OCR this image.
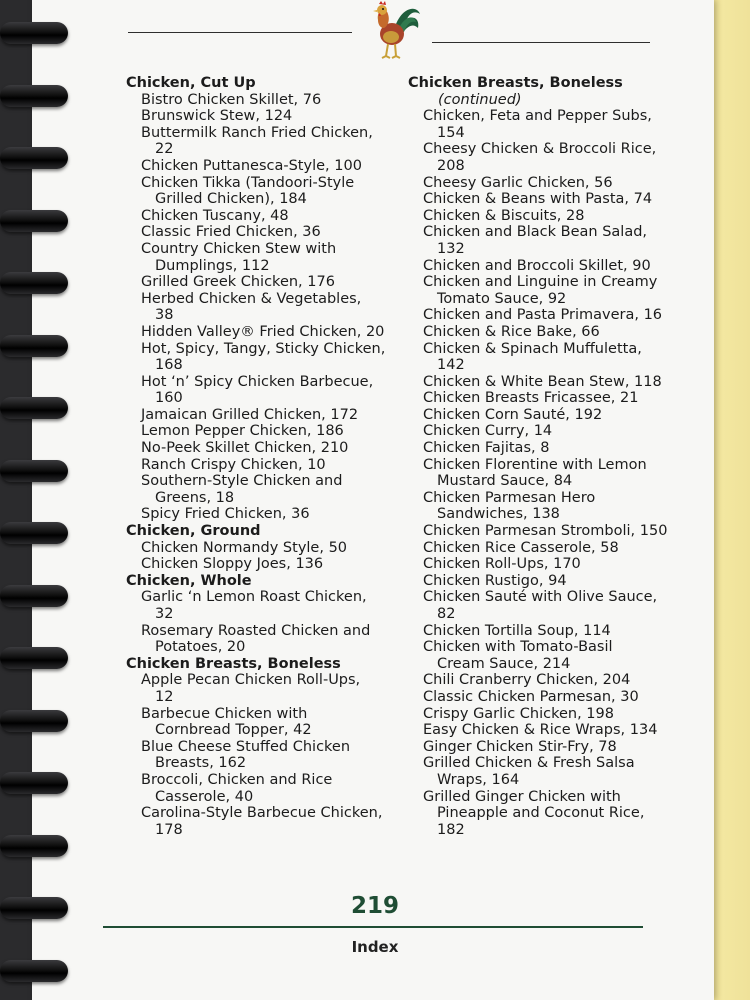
Chicken, Cut Up
Bistro Chicken Skillet, 76
Brunswick Stew, 124
Buttermilk Ranch Fried Chicken,
22
Chicken Puttanesca-Style, 100
Chicken Tikka (Tandoori-Style
Grilled Chicken), 184
Chicken Tuscany, 48
Classic Fried Chicken, 36
Country Chicken Stew with
Dumplings, 112
Grilled Greek Chicken, 176
Herbed Chicken & Vegetables,
38
Hidden Valley® Fried Chicken, 20
Hot, Spicy, Tangy, Sticky Chicken,
168
Hot ‘n’ Spicy Chicken Barbecue,
160
Jamaican Grilled Chicken, 172
Lemon Pepper Chicken, 186
No-Peek Skillet Chicken, 210
Ranch Crispy Chicken, 10
Southern-Style Chicken and
Greens, 18
Spicy Fried Chicken, 36
Chicken, Ground
Chicken Normandy Style, 50
Chicken Sloppy Joes, 136
Chicken, Whole
Garlic ‘n Lemon Roast Chicken,
32
Rosemary Roasted Chicken and
Potatoes, 20
Chicken Breasts, Boneless
Apple Pecan Chicken Roll-Ups,
12
Barbecue Chicken with
Cornbread Topper, 42
Blue Cheese Stuffed Chicken
Breasts, 162
Broccoli, Chicken and Rice
Casserole, 40
Carolina-Style Barbecue Chicken,
178
Chicken Breasts, Boneless
(continued)
Chicken, Feta and Pepper Subs,
154
Cheesy Chicken & Broccoli Rice,
208
Cheesy Garlic Chicken, 56
Chicken & Beans with Pasta, 74
Chicken & Biscuits, 28
Chicken and Black Bean Salad,
132
Chicken and Broccoli Skillet, 90
Chicken and Linguine in Creamy
Tomato Sauce, 92
Chicken and Pasta Primavera, 16
Chicken & Rice Bake, 66
Chicken & Spinach Muffuletta,
142
Chicken & White Bean Stew, 118
Chicken Breasts Fricassee, 21
Chicken Corn Sauté, 192
Chicken Curry, 14
Chicken Fajitas, 8
Chicken Florentine with Lemon
Mustard Sauce, 84
Chicken Parmesan Hero
Sandwiches, 138
Chicken Parmesan Stromboli, 150
Chicken Rice Casserole, 58
Chicken Roll-Ups, 170
Chicken Rustigo, 94
Chicken Sauté with Olive Sauce,
82
Chicken Tortilla Soup, 114
Chicken with Tomato-Basil
Cream Sauce, 214
Chili Cranberry Chicken, 204
Classic Chicken Parmesan, 30
Crispy Garlic Chicken, 198
Easy Chicken & Rice Wraps, 134
Ginger Chicken Stir-Fry, 78
Grilled Chicken & Fresh Salsa
Wraps, 164
Grilled Ginger Chicken with
Pineapple and Coconut Rice,
182
219
Index
